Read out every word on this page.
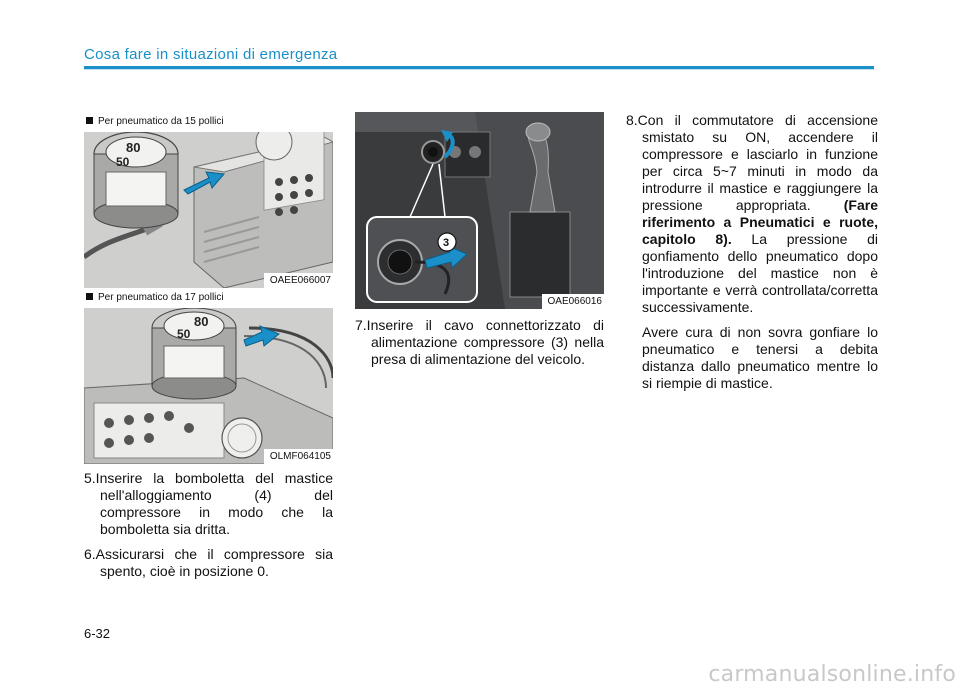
Cosa fare in situazioni di emergenza
80
50
Per pneumatico da 15 pollici
OAEE066007
80
50
Per pneumatico da 17 pollici
OLMF064105
3
OAE066016

5.Inserire la bomboletta del mastice nell'alloggiamento (4) del compressore in modo che la bomboletta sia dritta.

6.Assicurarsi che il compressore sia spento, cioè in posizione 0.

7.Inserire il cavo connettorizzato di alimentazione compressore (3) nella presa di alimentazione del veicolo.

8.Con il commutatore di accensione smistato su ON, accendere il compressore e lasciarlo in funzione per circa 5~7 minuti in modo da introdurre il mastice e raggiungere la pressione appropriata. (Fare riferimento a Pneumatici e ruote, capitolo 8). La pressione di gonfiamento dello pneumatico dopo l'introduzione del mastice non è importante e verrà controllata/corretta successivamente.

Avere cura di non sovra gonfiare lo pneumatico e tenersi a debita distanza dallo pneumatico mentre lo si riempie di mastice.

6-32
carmanualsonline.info
